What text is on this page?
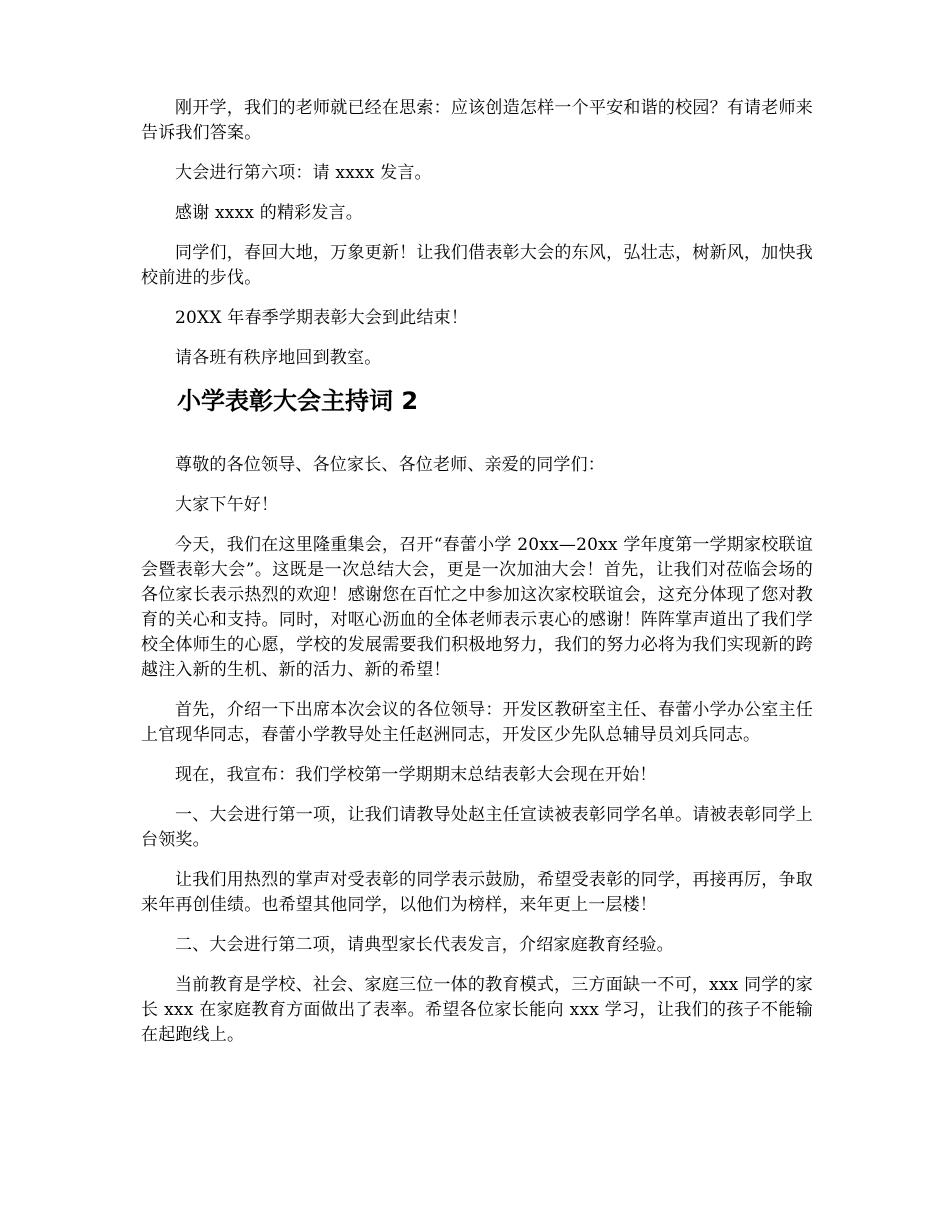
刚开学，我们的老师就已经在思索：应该创造怎样一个平安和谐的校园？有请老师来告诉我们答案。

大会进行第六项：请 xxxx 发言。

感谢 xxxx 的精彩发言。

同学们，春回大地，万象更新！让我们借表彰大会的东风，弘壮志，树新风，加快我校前进的步伐。

20XX 年春季学期表彰大会到此结束！

请各班有秩序地回到教室。

小学表彰大会主持词 2

尊敬的各位领导、各位家长、各位老师、亲爱的同学们：

大家下午好！

今天，我们在这里隆重集会，召开“春蕾小学 20xx—20xx 学年度第一学期家校联谊会暨表彰大会”。这既是一次总结大会，更是一次加油大会！首先，让我们对莅临会场的各位家长表示热烈的欢迎！感谢您在百忙之中参加这次家校联谊会，这充分体现了您对教育的关心和支持。同时，对呕心沥血的全体老师表示衷心的感谢！阵阵掌声道出了我们学校全体师生的心愿，学校的发展需要我们积极地努力，我们的努力必将为我们实现新的跨越注入新的生机、新的活力、新的希望！

首先，介绍一下出席本次会议的各位领导：开发区教研室主任、春蕾小学办公室主任上官现华同志，春蕾小学教导处主任赵洲同志，开发区少先队总辅导员刘兵同志。

现在，我宣布：我们学校第一学期期末总结表彰大会现在开始！

一、大会进行第一项，让我们请教导处赵主任宣读被表彰同学名单。请被表彰同学上台领奖。

让我们用热烈的掌声对受表彰的同学表示鼓励，希望受表彰的同学，再接再厉，争取来年再创佳绩。也希望其他同学，以他们为榜样，来年更上一层楼！

二、大会进行第二项，请典型家长代表发言，介绍家庭教育经验。

当前教育是学校、社会、家庭三位一体的教育模式，三方面缺一不可，xxx 同学的家长 xxx 在家庭教育方面做出了表率。希望各位家长能向 xxx 学习，让我们的孩子不能输在起跑线上。
